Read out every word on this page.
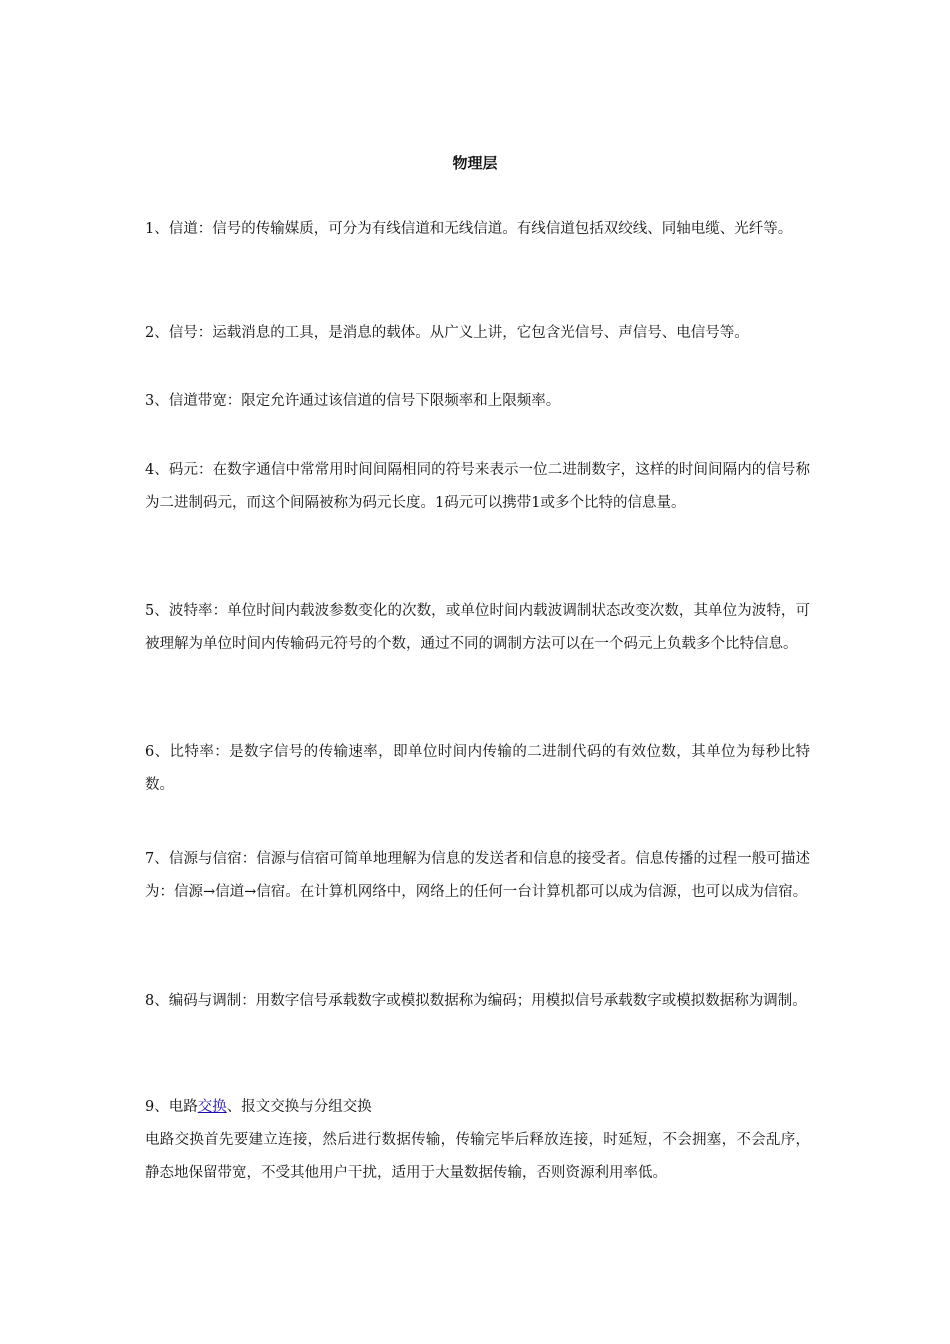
物理层

1、信道：信号的传输媒质，可分为有线信道和无线信道。有线信道包括双绞线、同轴电缆、光纤等。

2、信号：运载消息的工具，是消息的载体。从广义上讲，它包含光信号、声信号、电信号等。

3、信道带宽：限定允许通过该信道的信号下限频率和上限频率。

4、码元：在数字通信中常常用时间间隔相同的符号来表示一位二进制数字，这样的时间间隔内的信号称为二进制码元，而这个间隔被称为码元长度。1码元可以携带1或多个比特的信息量。

5、波特率：单位时间内载波参数变化的次数，或单位时间内载波调制状态改变次数，其单位为波特，可被理解为单位时间内传输码元符号的个数，通过不同的调制方法可以在一个码元上负载多个比特信息。

6、比特率：是数字信号的传输速率，即单位时间内传输的二进制代码的有效位数，其单位为每秒比特数。

7、信源与信宿：信源与信宿可简单地理解为信息的发送者和信息的接受者。信息传播的过程一般可描述为：信源→信道→信宿。在计算机网络中，网络上的任何一台计算机都可以成为信源，也可以成为信宿。

8、编码与调制：用数字信号承载数字或模拟数据称为编码；用模拟信号承载数字或模拟数据称为调制。

9、电路交换、报文交换与分组交换

电路交换首先要建立连接，然后进行数据传输，传输完毕后释放连接，时延短，不会拥塞，不会乱序，静态地保留带宽，不受其他用户干扰，适用于大量数据传输，否则资源利用率低。
